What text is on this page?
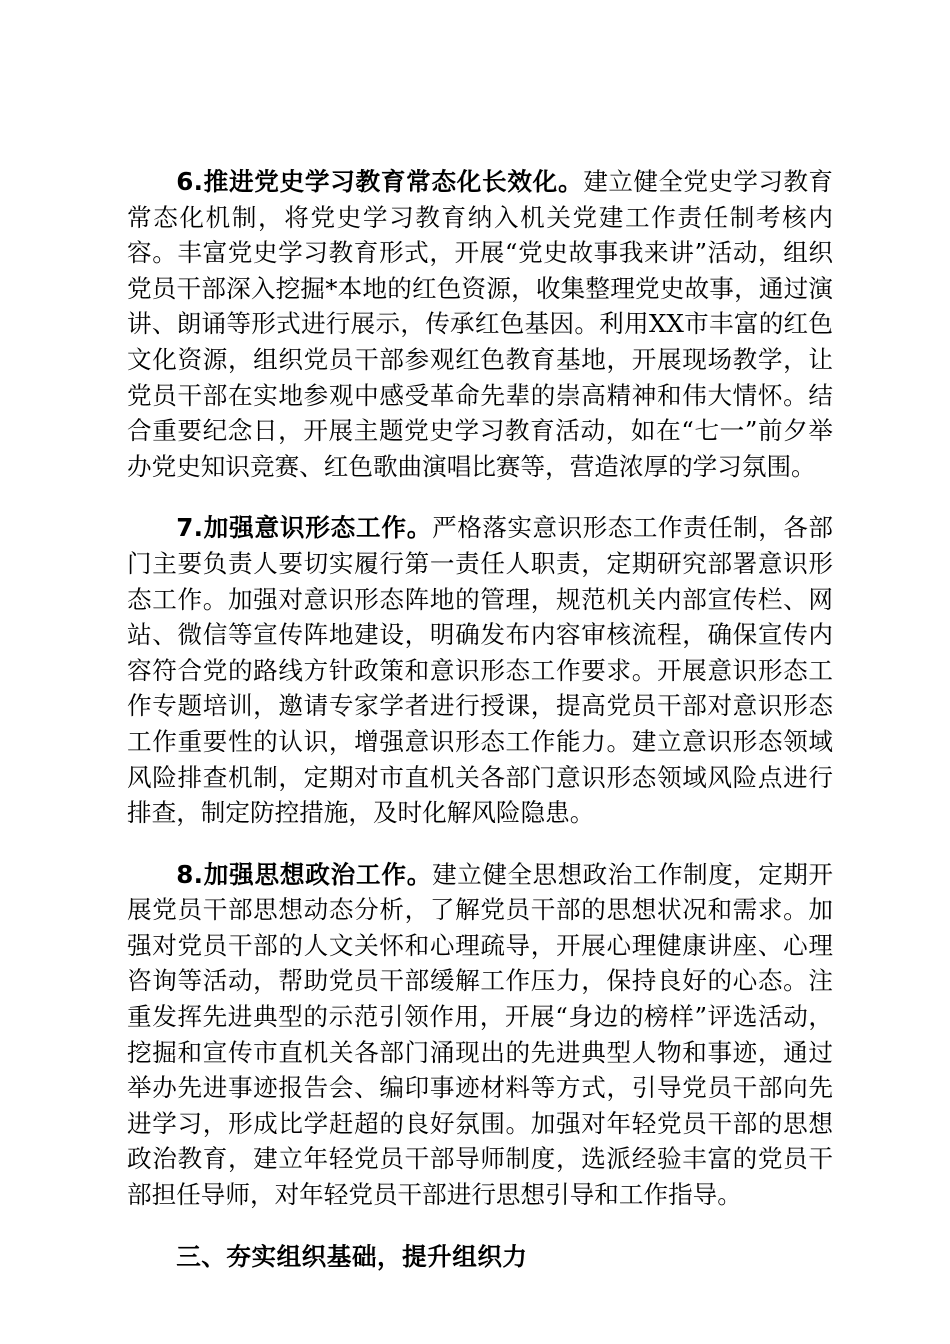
6.推进党史学习教育常态化长效化。建立健全党史学习教育常态化机制，将党史学习教育纳入机关党建工作责任制考核内容。丰富党史学习教育形式，开展“党史故事我来讲”活动，组织党员干部深入挖掘*本地的红色资源，收集整理党史故事，通过演讲、朗诵等形式进行展示，传承红色基因。利用XX市丰富的红色文化资源，组织党员干部参观红色教育基地，开展现场教学，让党员干部在实地参观中感受革命先辈的崇高精神和伟大情怀。结合重要纪念日，开展主题党史学习教育活动，如在“七一”前夕举办党史知识竞赛、红色歌曲演唱比赛等，营造浓厚的学习氛围。

7.加强意识形态工作。严格落实意识形态工作责任制，各部门主要负责人要切实履行第一责任人职责，定期研究部署意识形态工作。加强对意识形态阵地的管理，规范机关内部宣传栏、网站、微信等宣传阵地建设，明确发布内容审核流程，确保宣传内容符合党的路线方针政策和意识形态工作要求。开展意识形态工作专题培训，邀请专家学者进行授课，提高党员干部对意识形态工作重要性的认识，增强意识形态工作能力。建立意识形态领域风险排查机制，定期对市直机关各部门意识形态领域风险点进行排查，制定防控措施，及时化解风险隐患。

8.加强思想政治工作。建立健全思想政治工作制度，定期开展党员干部思想动态分析，了解党员干部的思想状况和需求。加强对党员干部的人文关怀和心理疏导，开展心理健康讲座、心理咨询等活动，帮助党员干部缓解工作压力，保持良好的心态。注重发挥先进典型的示范引领作用，开展“身边的榜样”评选活动，挖掘和宣传市直机关各部门涌现出的先进典型人物和事迹，通过举办先进事迹报告会、编印事迹材料等方式，引导党员干部向先进学习，形成比学赶超的良好氛围。加强对年轻党员干部的思想政治教育，建立年轻党员干部导师制度，选派经验丰富的党员干部担任导师，对年轻党员干部进行思想引导和工作指导。

三、夯实组织基础，提升组织力
